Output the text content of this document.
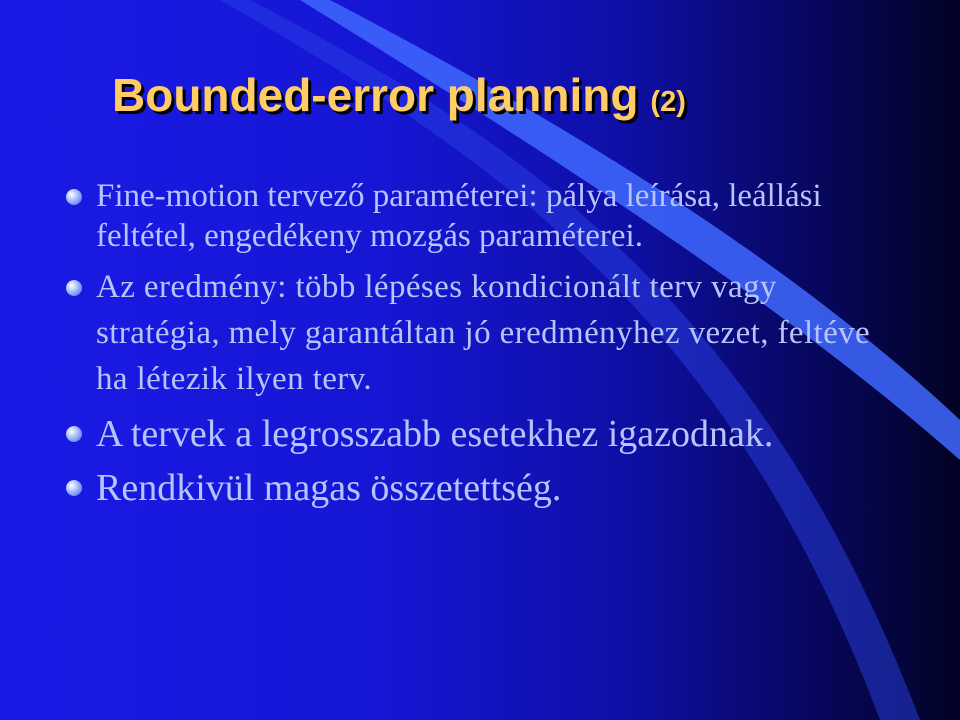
Bounded-error planning (2)
Fine-motion tervező paraméterei: pálya leírása, leállási feltétel, engedékeny mozgás paraméterei.
Az eredmény: több lépéses kondicionált terv vagy stratégia, mely garantáltan jó eredményhez vezet, feltéve ha létezik ilyen terv.
A tervek a legrosszabb esetekhez igazodnak.
Rendkivül magas összetettség.
